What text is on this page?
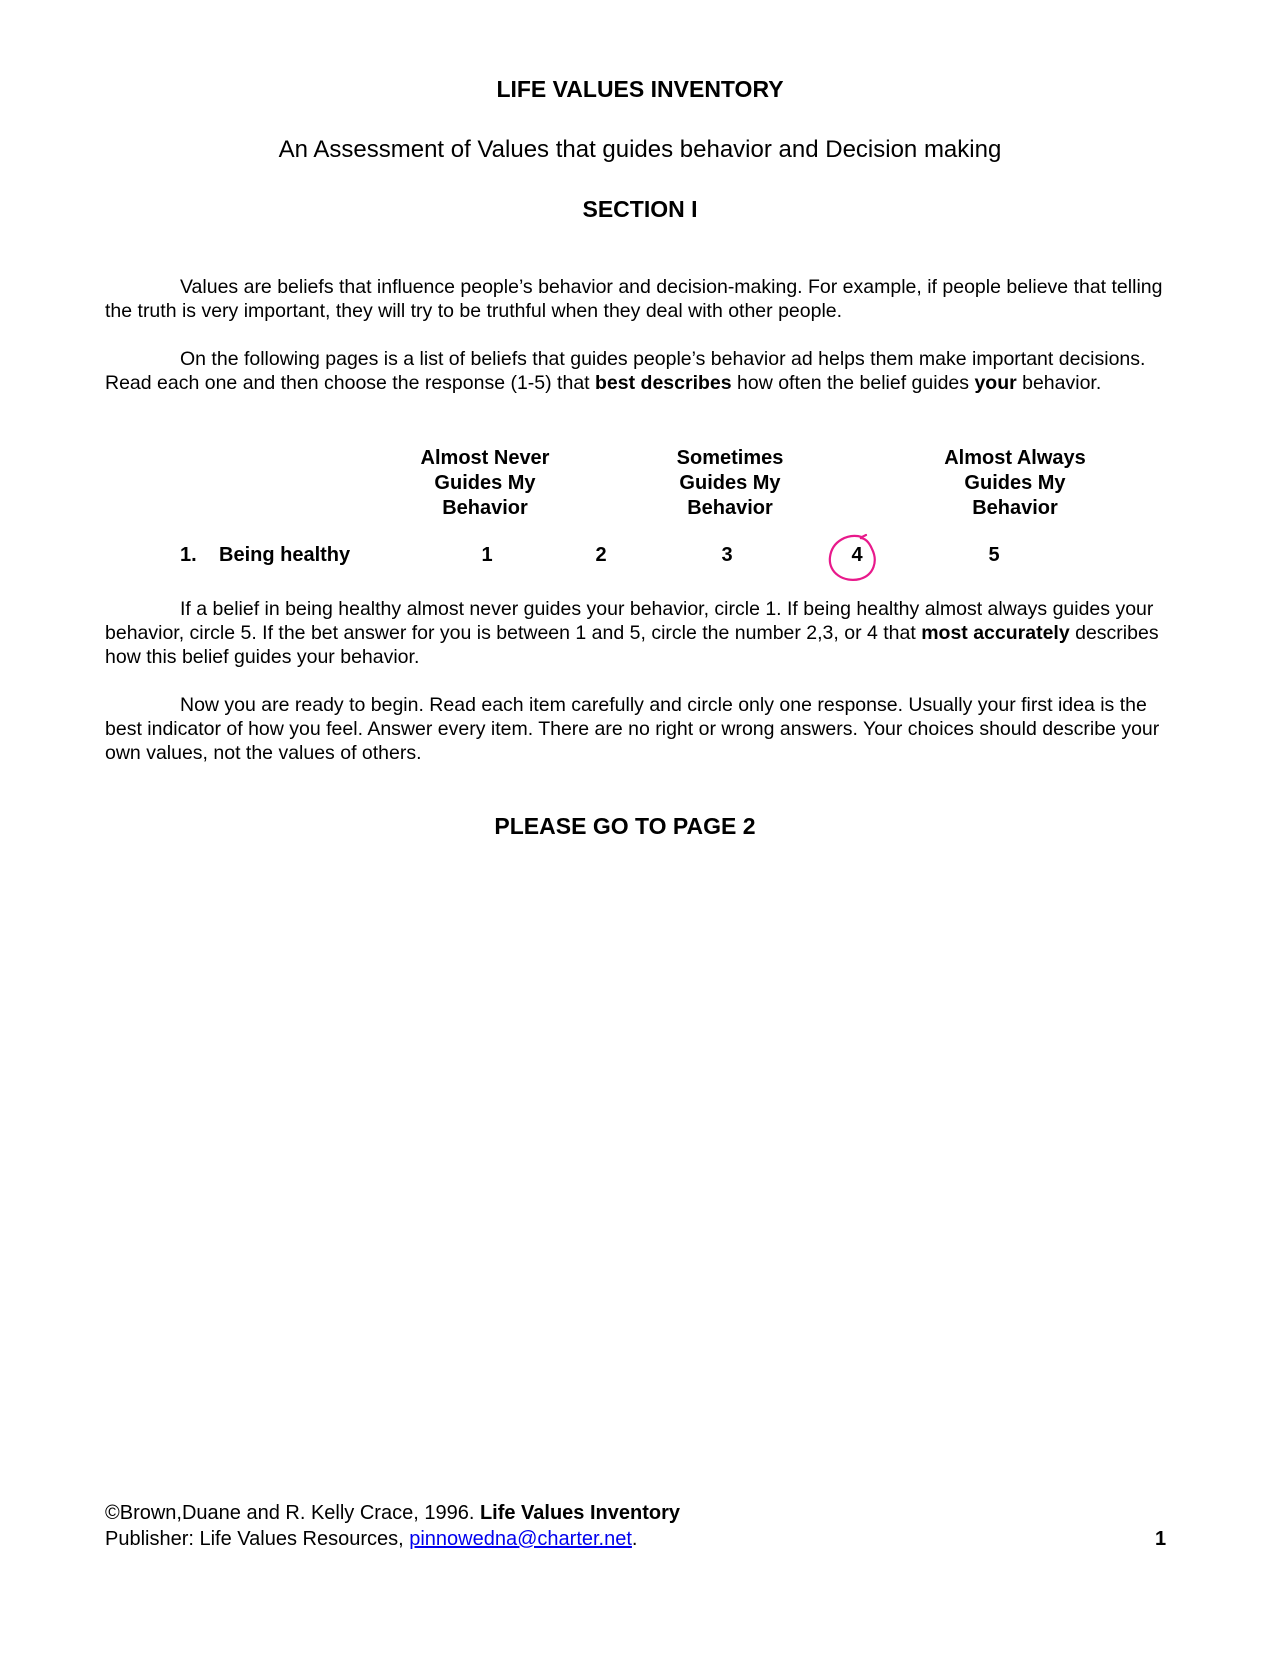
LIFE VALUES INVENTORY
An Assessment of Values that guides behavior and Decision making
SECTION I
Values are beliefs that influence people’s behavior and decision-making. For example, if people believe that telling the truth is very important, they will try to be truthful when they deal with other people.
On the following pages is a list of beliefs that guides people’s behavior ad helps them make important decisions. Read each one and then choose the response (1-5) that best describes how often the belief guides your behavior.
Almost Never
Guides My
Behavior
Sometimes
Guides My
Behavior
Almost Always
Guides My
Behavior
1. Being healthy	1	2	3	4	5
If a belief in being healthy almost never guides your behavior, circle 1. If being healthy almost always guides your behavior, circle 5. If the bet answer for you is between 1 and 5, circle the number 2,3, or 4 that most accurately describes how this belief guides your behavior.
Now you are ready to begin. Read each item carefully and circle only one response. Usually your first idea is the best indicator of how you feel. Answer every item. There are no right or wrong answers. Your choices should describe your own values, not the values of others.
PLEASE GO TO PAGE 2
©Brown,Duane and R. Kelly Crace, 1996. Life Values Inventory
Publisher: Life Values Resources, pinnowedna@charter.net.	1
